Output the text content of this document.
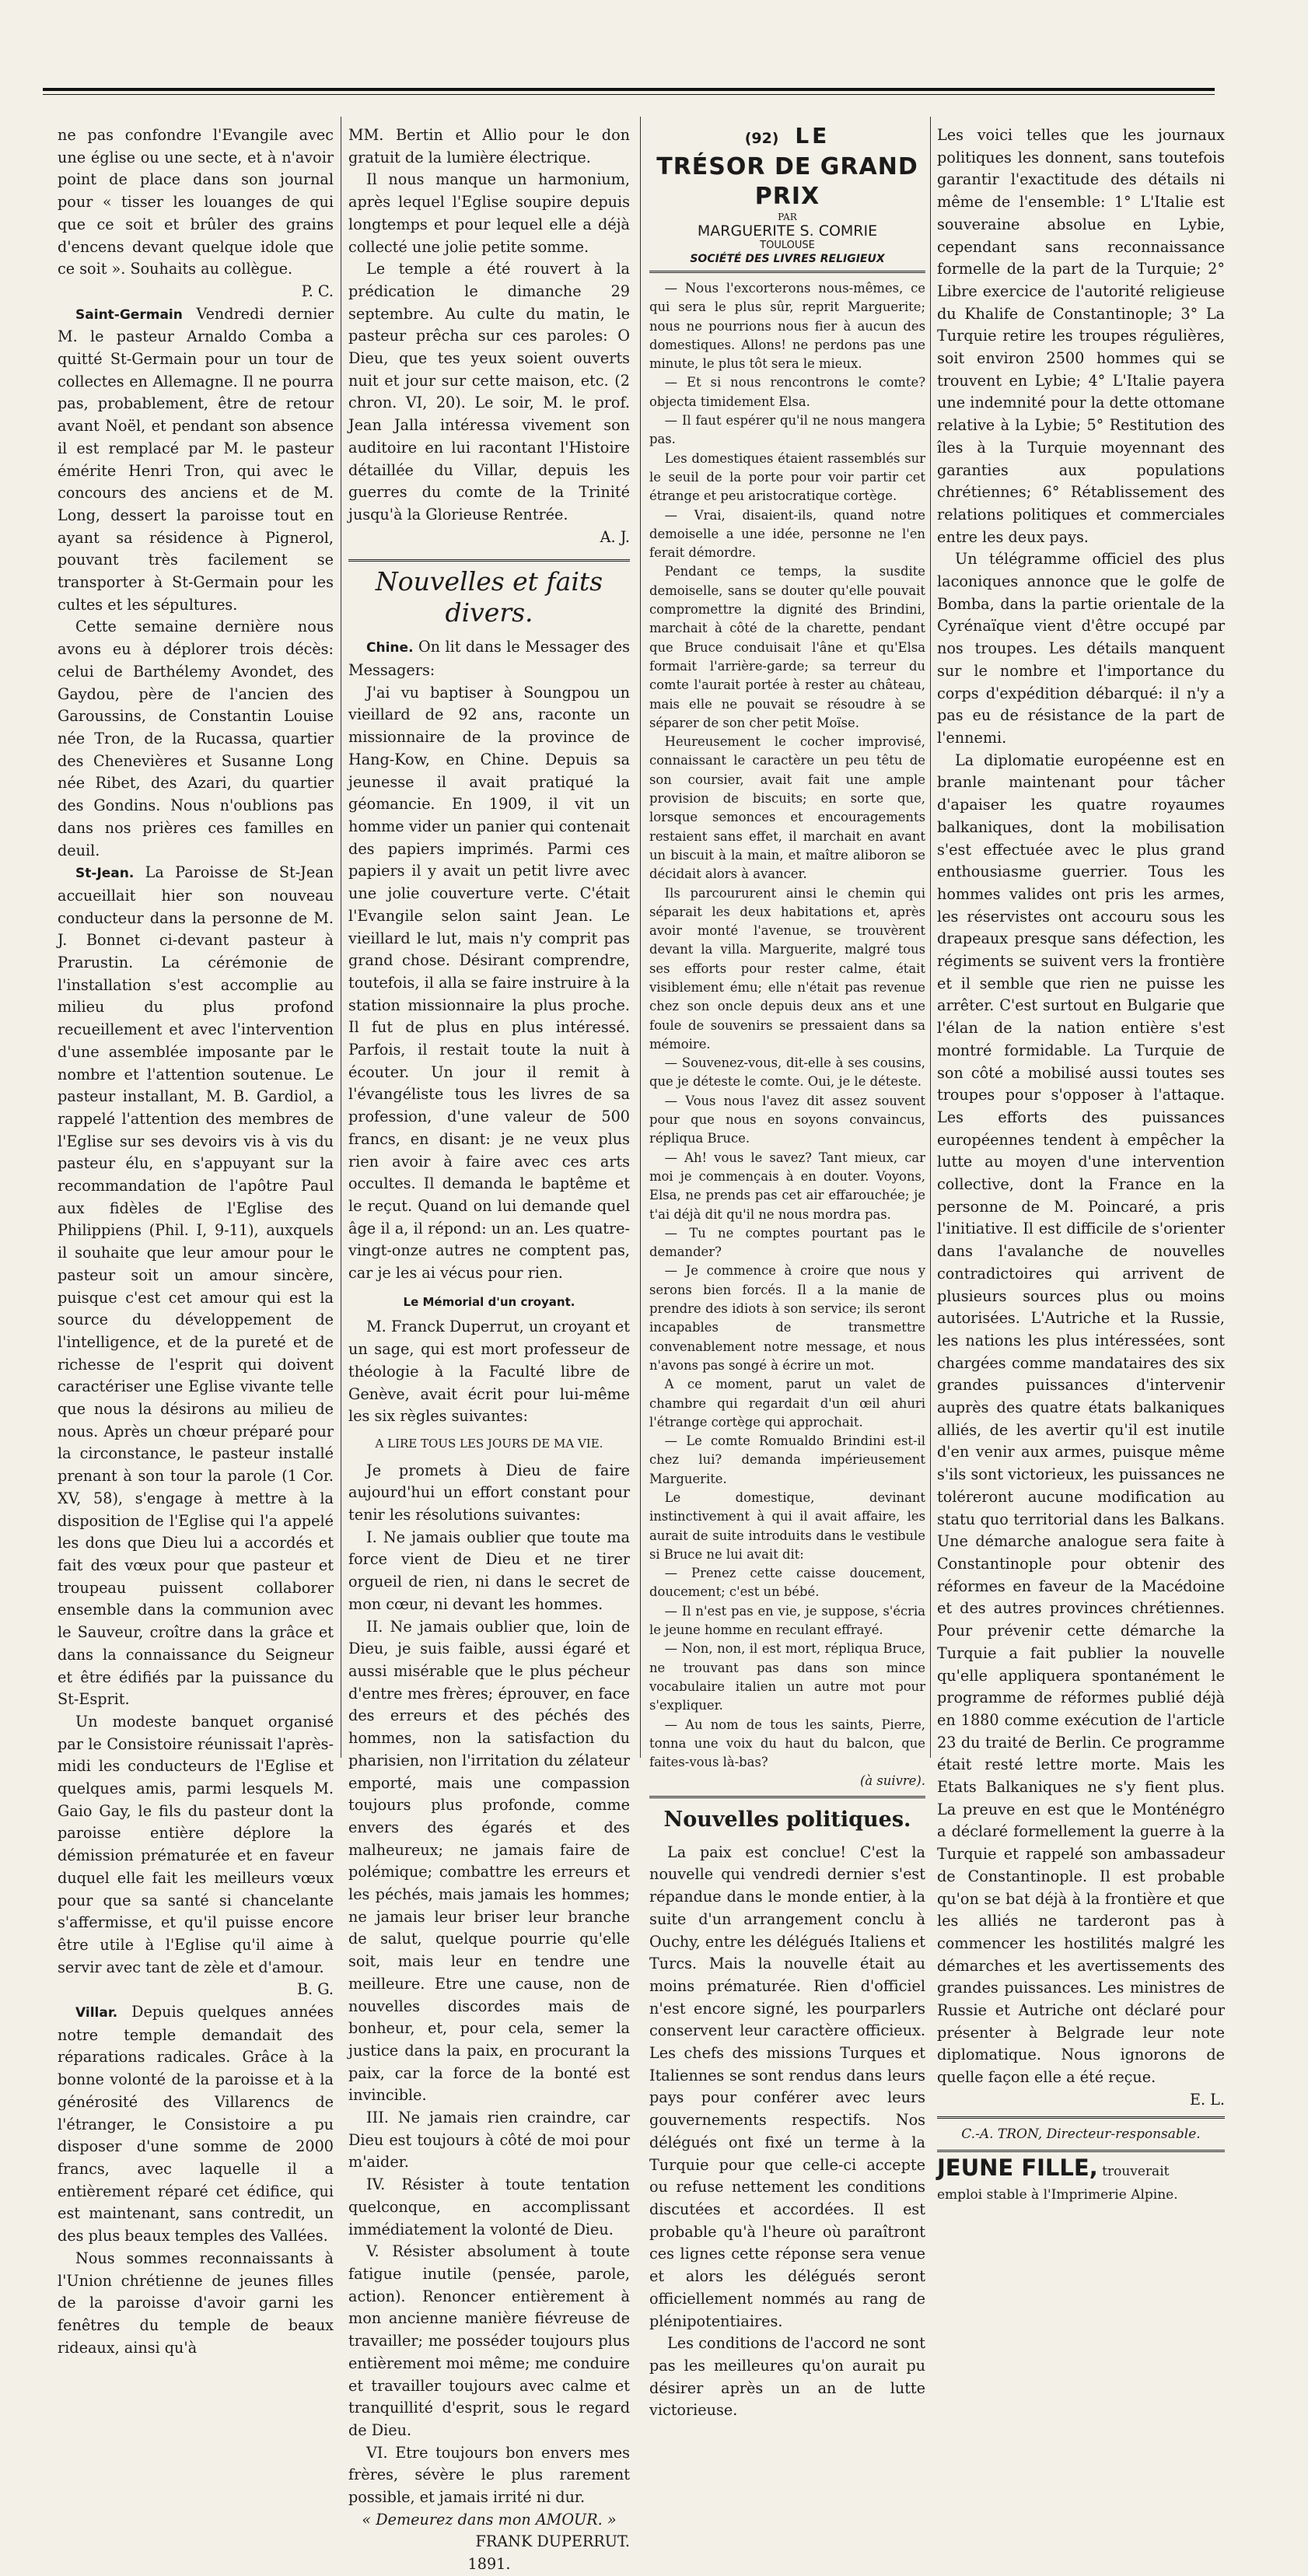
ne pas confondre l'Evangile avec une église ou une secte, et à n'avoir point de place dans son journal pour « tisser les louanges de qui que ce soit et brûler des grains d'encens devant quelque idole que ce soit ». Souhaits au collègue.

P. C.

Saint-Germain Vendredi dernier M. le pasteur Arnaldo Comba a quitté St-Germain pour un tour de collectes en Allemagne. Il ne pourra pas, probablement, être de retour avant Noël, et pendant son absence il est remplacé par M. le pasteur émérite Henri Tron, qui avec le concours des anciens et de M. Long, dessert la paroisse tout en ayant sa résidence à Pignerol, pouvant très facilement se transporter à St-Germain pour les cultes et les sépultures.

Cette semaine dernière nous avons eu à déplorer trois décès: celui de Barthélemy Avondet, des Gaydou, père de l'ancien des Garoussins, de Constantin Louise née Tron, de la Rucassa, quartier des Chenevières et Susanne Long née Ribet, des Azari, du quartier des Gondins. Nous n'oublions pas dans nos prières ces familles en deuil.

St-Jean. La Paroisse de St-Jean accueillait hier son nouveau conducteur dans la personne de M. J. Bonnet ci-devant pasteur à Prarustin. La cérémonie de l'installation s'est accomplie au milieu du plus profond recueillement et avec l'intervention d'une assemblée imposante par le nombre et l'attention soutenue. Le pasteur installant, M. B. Gardiol, a rappelé l'attention des membres de l'Eglise sur ses devoirs vis à vis du pasteur élu, en s'appuyant sur la recommandation de l'apôtre Paul aux fidèles de l'Eglise des Philippiens (Phil. I, 9-11), auxquels il souhaite que leur amour pour le pasteur soit un amour sincère, puisque c'est cet amour qui est la source du développement de l'intelligence, et de la pureté et de richesse de l'esprit qui doivent caractériser une Eglise vivante telle que nous la désirons au milieu de nous. Après un chœur préparé pour la circonstance, le pasteur installé prenant à son tour la parole (1 Cor. XV, 58), s'engage à mettre à la disposition de l'Eglise qui l'a appelé les dons que Dieu lui a accordés et fait des vœux pour que pasteur et troupeau puissent collaborer ensemble dans la communion avec le Sauveur, croître dans la grâce et dans la connaissance du Seigneur et être édifiés par la puissance du St-Esprit.

Un modeste banquet organisé par le Consistoire réunissait l'après-midi les conducteurs de l'Eglise et quelques amis, parmi lesquels M. Gaio Gay, le fils du pasteur dont la paroisse entière déplore la démission prématurée et en faveur duquel elle fait les meilleurs vœux pour que sa santé si chancelante s'affermisse, et qu'il puisse encore être utile à l'Eglise qu'il aime à servir avec tant de zèle et d'amour.

B. G.

Villar. Depuis quelques années notre temple demandait des réparations radicales. Grâce à la bonne volonté de la paroisse et à la générosité des Villarencs de l'étranger, le Consistoire a pu disposer d'une somme de 2000 francs, avec laquelle il a entièrement réparé cet édifice, qui est maintenant, sans contredit, un des plus beaux temples des Vallées.

Nous sommes reconnaissants à l'Union chrétienne de jeunes filles de la paroisse d'avoir garni les fenêtres du temple de beaux rideaux, ainsi qu'à

MM. Bertin et Allio pour le don gratuit de la lumière électrique.

Il nous manque un harmonium, après lequel l'Eglise soupire depuis longtemps et pour lequel elle a déjà collecté une jolie petite somme.

Le temple a été rouvert à la prédication le dimanche 29 septembre. Au culte du matin, le pasteur prêcha sur ces paroles: O Dieu, que tes yeux soient ouverts nuit et jour sur cette maison, etc. (2 chron. VI, 20). Le soir, M. le prof. Jean Jalla intéressa vivement son auditoire en lui racontant l'Histoire détaillée du Villar, depuis les guerres du comte de la Trinité jusqu'à la Glorieuse Rentrée.

A. J.
Nouvelles et faits divers.

Chine. On lit dans le Messager des Messagers:

J'ai vu baptiser à Soungpou un vieillard de 92 ans, raconte un missionnaire de la province de Hang-Kow, en Chine. Depuis sa jeunesse il avait pratiqué la géomancie. En 1909, il vit un homme vider un panier qui contenait des papiers imprimés. Parmi ces papiers il y avait un petit livre avec une jolie couverture verte. C'était l'Evangile selon saint Jean. Le vieillard le lut, mais n'y comprit pas grand chose. Désirant comprendre, toutefois, il alla se faire instruire à la station missionnaire la plus proche. Il fut de plus en plus intéressé. Parfois, il restait toute la nuit à écouter. Un jour il remit à l'évangéliste tous les livres de sa profession, d'une valeur de 500 francs, en disant: je ne veux plus rien avoir à faire avec ces arts occultes. Il demanda le baptême et le reçut. Quand on lui demande quel âge il a, il répond: un an. Les quatre-vingt-onze autres ne comptent pas, car je les ai vécus pour rien.

Le Mémorial d'un croyant.

M. Franck Duperrut, un croyant et un sage, qui est mort professeur de théologie à la Faculté libre de Genève, avait écrit pour lui-même les six règles suivantes:

A LIRE TOUS LES JOURS DE MA VIE.

Je promets à Dieu de faire aujourd'hui un effort constant pour tenir les résolutions suivantes:

I. Ne jamais oublier que toute ma force vient de Dieu et ne tirer orgueil de rien, ni dans le secret de mon cœur, ni devant les hommes.

II. Ne jamais oublier que, loin de Dieu, je suis faible, aussi égaré et aussi misérable que le plus pécheur d'entre mes frères; éprouver, en face des erreurs et des péchés des hommes, non la satisfaction du pharisien, non l'irritation du zélateur emporté, mais une compassion toujours plus profonde, comme envers des égarés et des malheureux; ne jamais faire de polémique; combattre les erreurs et les péchés, mais jamais les hommes; ne jamais leur briser leur branche de salut, quelque pourrie qu'elle soit, mais leur en tendre une meilleure. Etre une cause, non de nouvelles discordes mais de bonheur, et, pour cela, semer la justice dans la paix, en procurant la paix, car la force de la bonté est invincible.

III. Ne jamais rien craindre, car Dieu est toujours à côté de moi pour m'aider.

IV. Résister à toute tentation quelconque, en accomplissant immédiatement la volonté de Dieu.

V. Résister absolument à toute fatigue inutile (pensée, parole, action). Renoncer entièrement à mon ancienne manière fiévreuse de travailler; me posséder toujours plus entièrement moi même; me conduire et travailler toujours avec calme et tranquillité d'esprit, sous le regard de Dieu.

VI. Etre toujours bon envers mes frères, sévère le plus rarement possible, et jamais irrité ni dur.

« Demeurez dans mon AMOUR. »
FRANK DUPERRUT.
1891.
(92) LE
TRÉSOR DE GRAND PRIX
PAR
MARGUERITE S. COMRIE
TOULOUSE
SOCIÉTÉ DES LIVRES RELIGIEUX

— Nous l'excorterons nous-mêmes, ce qui sera le plus sûr, reprit Marguerite; nous ne pourrions nous fier à aucun des domestiques. Allons! ne perdons pas une minute, le plus tôt sera le mieux.

— Et si nous rencontrons le comte? objecta timidement Elsa.

— Il faut espérer qu'il ne nous mangera pas.

Les domestiques étaient rassemblés sur le seuil de la porte pour voir partir cet étrange et peu aristocratique cortège.

— Vrai, disaient-ils, quand notre demoiselle a une idée, personne ne l'en ferait démordre.

Pendant ce temps, la susdite demoiselle, sans se douter qu'elle pouvait compromettre la dignité des Brindini, marchait à côté de la charette, pendant que Bruce conduisait l'âne et qu'Elsa formait l'arrière-garde; sa terreur du comte l'aurait portée à rester au château, mais elle ne pouvait se résoudre à se séparer de son cher petit Moïse.

Heureusement le cocher improvisé, connaissant le caractère un peu têtu de son coursier, avait fait une ample provision de biscuits; en sorte que, lorsque semonces et encouragements restaient sans effet, il marchait en avant un biscuit à la main, et maître aliboron se décidait alors à avancer.

Ils parcoururent ainsi le chemin qui séparait les deux habitations et, après avoir monté l'avenue, se trouvèrent devant la villa. Marguerite, malgré tous ses efforts pour rester calme, était visiblement ému; elle n'était pas revenue chez son oncle depuis deux ans et une foule de souvenirs se pressaient dans sa mémoire.

— Souvenez-vous, dit-elle à ses cousins, que je déteste le comte. Oui, je le déteste.

— Vous nous l'avez dit assez souvent pour que nous en soyons convaincus, répliqua Bruce.

— Ah! vous le savez? Tant mieux, car moi je commençais à en douter. Voyons, Elsa, ne prends pas cet air effarouchée; je t'ai déjà dit qu'il ne nous mordra pas.

— Tu ne comptes pourtant pas le demander?

— Je commence à croire que nous y serons bien forcés. Il a la manie de prendre des idiots à son service; ils seront incapables de transmettre convenablement notre message, et nous n'avons pas songé à écrire un mot.

A ce moment, parut un valet de chambre qui regardait d'un œil ahuri l'étrange cortège qui approchait.

— Le comte Romualdo Brindini est-il chez lui? demanda impérieusement Marguerite.

Le domestique, devinant instinctivement à qui il avait affaire, les aurait de suite introduits dans le vestibule si Bruce ne lui avait dit:

— Prenez cette caisse doucement, doucement; c'est un bébé.

— Il n'est pas en vie, je suppose, s'écria le jeune homme en reculant effrayé.

— Non, non, il est mort, répliqua Bruce, ne trouvant pas dans son mince vocabulaire italien un autre mot pour s'expliquer.

— Au nom de tous les saints, Pierre, tonna une voix du haut du balcon, que faites-vous là-bas?

(à suivre).
Nouvelles politiques.

La paix est conclue! C'est la nouvelle qui vendredi dernier s'est répandue dans le monde entier, à la suite d'un arrangement conclu à Ouchy, entre les délégués Italiens et Turcs. Mais la nouvelle était au moins prématurée. Rien d'officiel n'est encore signé, les pourparlers conservent leur caractère officieux. Les chefs des missions Turques et Italiennes se sont rendus dans leurs pays pour conférer avec leurs gouvernements respectifs. Nos délégués ont fixé un terme à la Turquie pour que celle-ci accepte ou refuse nettement les conditions discutées et accordées. Il est probable qu'à l'heure où paraîtront ces lignes cette réponse sera venue et alors les délégués seront officiellement nommés au rang de plénipotentiaires.

Les conditions de l'accord ne sont pas les meilleures qu'on aurait pu désirer après un an de lutte victorieuse.

Les voici telles que les journaux politiques les donnent, sans toutefois garantir l'exactitude des détails ni même de l'ensemble: 1° L'Italie est souveraine absolue en Lybie, cependant sans reconnaissance formelle de la part de la Turquie; 2° Libre exercice de l'autorité religieuse du Khalife de Constantinople; 3° La Turquie retire les troupes régulières, soit environ 2500 hommes qui se trouvent en Lybie; 4° L'Italie payera une indemnité pour la dette ottomane relative à la Lybie; 5° Restitution des îles à la Turquie moyennant des garanties aux populations chrétiennes; 6° Rétablissement des relations politiques et commerciales entre les deux pays.

Un télégramme officiel des plus laconiques annonce que le golfe de Bomba, dans la partie orientale de la Cyrénaïque vient d'être occupé par nos troupes. Les détails manquent sur le nombre et l'importance du corps d'expédition débarqué: il n'y a pas eu de résistance de la part de l'ennemi.

La diplomatie européenne est en branle maintenant pour tâcher d'apaiser les quatre royaumes balkaniques, dont la mobilisation s'est effectuée avec le plus grand enthousiasme guerrier. Tous les hommes valides ont pris les armes, les réservistes ont accouru sous les drapeaux presque sans défection, les régiments se suivent vers la frontière et il semble que rien ne puisse les arrêter. C'est surtout en Bulgarie que l'élan de la nation entière s'est montré formidable. La Turquie de son côté a mobilisé aussi toutes ses troupes pour s'opposer à l'attaque. Les efforts des puissances européennes tendent à empêcher la lutte au moyen d'une intervention collective, dont la France en la personne de M. Poincaré, a pris l'initiative. Il est difficile de s'orienter dans l'avalanche de nouvelles contradictoires qui arrivent de plusieurs sources plus ou moins autorisées. L'Autriche et la Russie, les nations les plus intéressées, sont chargées comme mandataires des six grandes puissances d'intervenir auprès des quatre états balkaniques alliés, de les avertir qu'il est inutile d'en venir aux armes, puisque même s'ils sont victorieux, les puissances ne toléreront aucune modification au statu quo territorial dans les Balkans. Une démarche analogue sera faite à Constantinople pour obtenir des réformes en faveur de la Macédoine et des autres provinces chrétiennes. Pour prévenir cette démarche la Turquie a fait publier la nouvelle qu'elle appliquera spontanément le programme de réformes publié déjà en 1880 comme exécution de l'article 23 du traité de Berlin. Ce programme était resté lettre morte. Mais les Etats Balkaniques ne s'y fient plus. La preuve en est que le Monténégro a déclaré formellement la guerre à la Turquie et rappelé son ambassadeur de Constantinople. Il est probable qu'on se bat déjà à la frontière et que les alliés ne tarderont pas à commencer les hostilités malgré les démarches et les avertissements des grandes puissances. Les ministres de Russie et Autriche ont déclaré pour présenter à Belgrade leur note diplomatique. Nous ignorons de quelle façon elle a été reçue.

E. L.
C.-A. TRON, Directeur-responsable.
JEUNE FILLE, trouverait
emploi stable à l'Imprimerie Alpine.
